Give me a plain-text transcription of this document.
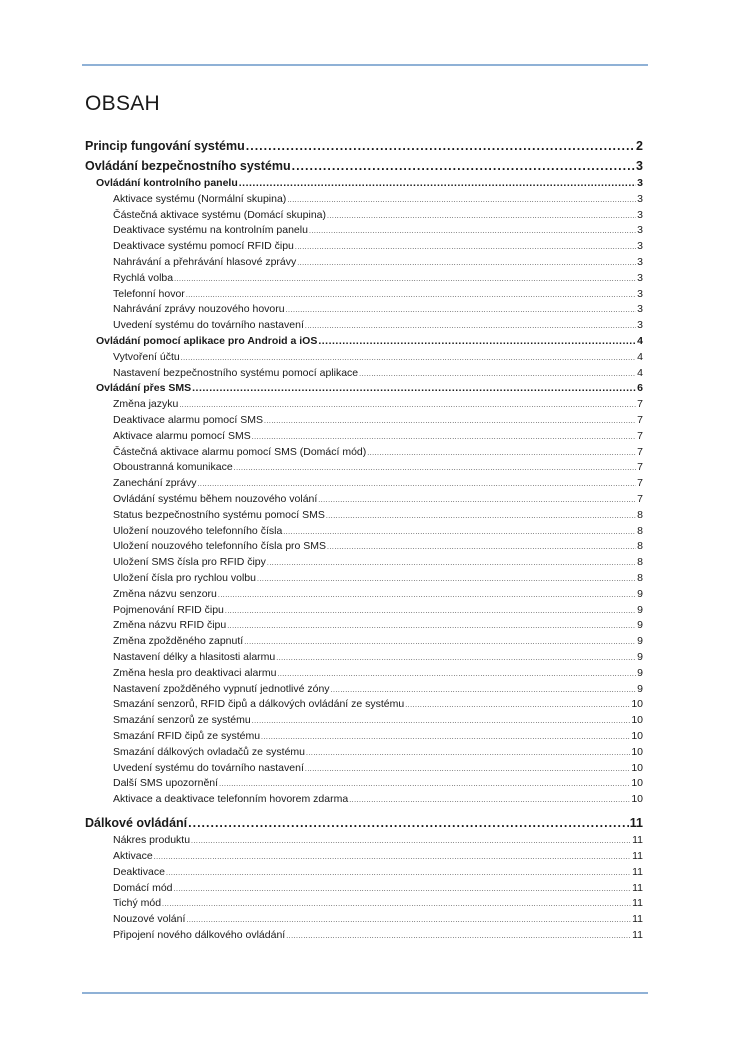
OBSAH
Princip fungování systému .....	2
Ovládání bezpečnostního systému .....	3
Ovládání kontrolního panelu .....	3
Aktivace systému (Normální skupina) .....	3
Částečná aktivace systému (Domácí skupina) .....	3
Deaktivace systému na kontrolním panelu .....	3
Deaktivace systému pomocí RFID čipu .....	3
Nahrávání a přehrávání hlasové zprávy .....	3
Rychlá volba .....	3
Telefonní hovor .....	3
Nahrávání zprávy nouzového hovoru .....	3
Uvedení systému do továrního nastavení .....	3
Ovládání pomocí aplikace pro Android a iOS .....	4
Vytvoření účtu .....	4
Nastavení bezpečnostního systému pomocí aplikace .....	4
Ovládání přes SMS .....	6
Změna jazyku .....	7
Deaktivace alarmu pomocí SMS .....	7
Aktivace alarmu pomocí SMS .....	7
Částečná aktivace alarmu pomocí SMS (Domácí mód) .....	7
Oboustranná komunikace .....	7
Zanechání zprávy .....	7
Ovládání systému během nouzového volání .....	7
Status bezpečnostního systému pomocí SMS .....	8
Uložení nouzového telefonního čísla .....	8
Uložení nouzového telefonního čísla pro SMS .....	8
Uložení SMS čísla pro RFID čipy .....	8
Uložení čísla pro rychlou volbu .....	8
Změna názvu senzoru .....	9
Pojmenování RFID čipu .....	9
Změna názvu RFID čipu .....	9
Změna zpožděného zapnutí .....	9
Nastavení délky a hlasitosti alarmu .....	9
Změna hesla pro deaktivaci alarmu .....	9
Nastavení zpožděného vypnutí jednotlivé zóny .....	9
Smazání senzorů, RFID čipů a dálkových ovládání ze systému .....	10
Smazání senzorů ze systému .....	10
Smazání RFID čipů ze systému .....	10
Smazání dálkových ovladačů ze systému .....	10
Uvedení systému do továrního nastavení .....	10
Další SMS upozornění .....	10
Aktivace a deaktivace telefonním hovorem zdarma .....	10
Dálkové ovládání .....	11
Nákres produktu .....	11
Aktivace .....	11
Deaktivace .....	11
Domácí mód .....	11
Tichý mód .....	11
Nouzové volání .....	11
Připojení nového dálkového ovládání .....	11
